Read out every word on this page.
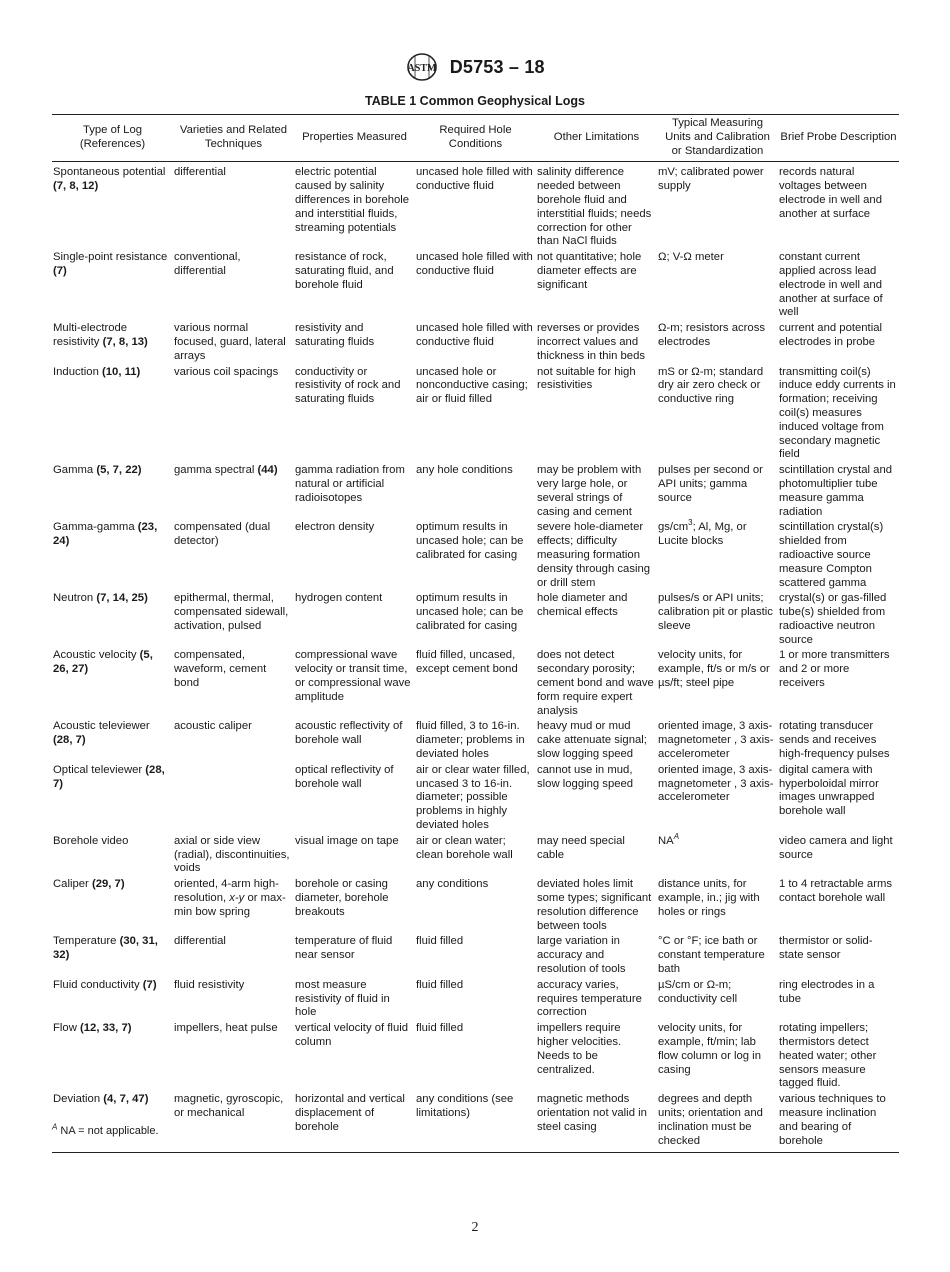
ASTM D5753 – 18
TABLE 1 Common Geophysical Logs
Type of Log (References)	Varieties and Related Techniques	Properties Measured	Required Hole Conditions	Other Limitations	Typical Measuring Units and Calibration or Standardization	Brief Probe Description
Spontaneous potential (7, 8, 12)	differential	electric potential caused by salinity differences in borehole and interstitial fluids, streaming potentials	uncased hole filled with conductive fluid	salinity difference needed between borehole fluid and interstitial fluids; needs correction for other than NaCl fluids	mV; calibrated power supply	records natural voltages between electrode in well and another at surface
Single-point resistance (7)	conventional, differential	resistance of rock, saturating fluid, and borehole fluid	uncased hole filled with conductive fluid	not quantitative; hole diameter effects are significant	Ω; V-Ω meter	constant current applied across lead electrode in well and another at surface of well
Multi-electrode resistivity (7, 8, 13)	various normal focused, guard, lateral arrays	resistivity and saturating fluids	uncased hole filled with conductive fluid	reverses or provides incorrect values and thickness in thin beds	Ω-m; resistors across electrodes	current and potential electrodes in probe
Induction (10, 11)	various coil spacings	conductivity or resistivity of rock and saturating fluids	uncased hole or nonconductive casing; air or fluid filled	not suitable for high resistivities	mS or Ω-m; standard dry air zero check or conductive ring	transmitting coil(s) induce eddy currents in formation; receiving coil(s) measures induced voltage from secondary magnetic field
Gamma (5, 7, 22)	gamma spectral (44)	gamma radiation from natural or artificial radioisotopes	any hole conditions	may be problem with very large hole, or several strings of casing and cement	pulses per second or API units; gamma source	scintillation crystal and photomultiplier tube measure gamma radiation
Gamma-gamma (23, 24)	compensated (dual detector)	electron density	optimum results in uncased hole; can be calibrated for casing	severe hole-diameter effects; difficulty measuring formation density through casing or drill stem	$gs/cm^3$; Al, Mg, or Lucite blocks	scintillation crystal(s) shielded from radioactive source measure Compton scattered gamma
Neutron (7, 14, 25)	epithermal, thermal, compensated sidewall, activation, pulsed	hydrogen content	optimum results in uncased hole; can be calibrated for casing	hole diameter and chemical effects	pulses/s or API units; calibration pit or plastic sleeve	crystal(s) or gas-filled tube(s) shielded from radioactive neutron source
Acoustic velocity (5, 26, 27)	compensated, waveform, cement bond	compressional wave velocity or transit time, or compressional wave amplitude	fluid filled, uncased, except cement bond	does not detect secondary porosity; cement bond and wave form require expert analysis	velocity units, for example, ft/s or m/s or µs/ft; steel pipe	1 or more transmitters and 2 or more receivers
Acoustic televiewer (28, 7)	acoustic caliper	acoustic reflectivity of borehole wall	fluid filled, 3 to 16-in. diameter; problems in deviated holes	heavy mud or mud cake attenuate signal; slow logging speed	oriented image, 3 axis-magnetometer , 3 axis-accelerometer	rotating transducer sends and receives high-frequency pulses
Optical televiewer (28, 7)		optical reflectivity of borehole wall	air or clear water filled, uncased 3 to 16-in. diameter; possible problems in highly deviated holes	cannot use in mud, slow logging speed	oriented image, 3 axis-magnetometer , 3 axis-accelerometer	digital camera with hyperboloidal mirror images unwrapped borehole wall
Borehole video	axial or side view (radial), discontinuities, voids	visual image on tape	air or clean water; clean borehole wall	may need special cable	$NA^A$	video camera and light source
Caliper (29, 7)	oriented, 4-arm high-resolution, x-y or max-min bow spring	borehole or casing diameter, borehole breakouts	any conditions	deviated holes limit some types; significant resolution difference between tools	distance units, for example, in.; jig with holes or rings	1 to 4 retractable arms contact borehole wall
Temperature (30, 31, 32)	differential	temperature of fluid near sensor	fluid filled	large variation in accuracy and resolution of tools	°C or °F; ice bath or constant temperature bath	thermistor or solid-state sensor
Fluid conductivity (7)	fluid resistivity	most measure resistivity of fluid in hole	fluid filled	accuracy varies, requires temperature correction	µS/cm or Ω-m; conductivity cell	ring electrodes in a tube
Flow (12, 33, 7)	impellers, heat pulse	vertical velocity of fluid column	fluid filled	impellers require higher velocities. Needs to be centralized.	velocity units, for example, ft/min; lab flow column or log in casing	rotating impellers; thermistors detect heated water; other sensors measure tagged fluid.
Deviation (4, 7, 47)	magnetic, gyroscopic, or mechanical	horizontal and vertical displacement of borehole	any conditions (see limitations)	magnetic methods orientation not valid in steel casing	degrees and depth units; orientation and inclination must be checked	various techniques to measure inclination and bearing of borehole
$^A$ NA = not applicable.
2
